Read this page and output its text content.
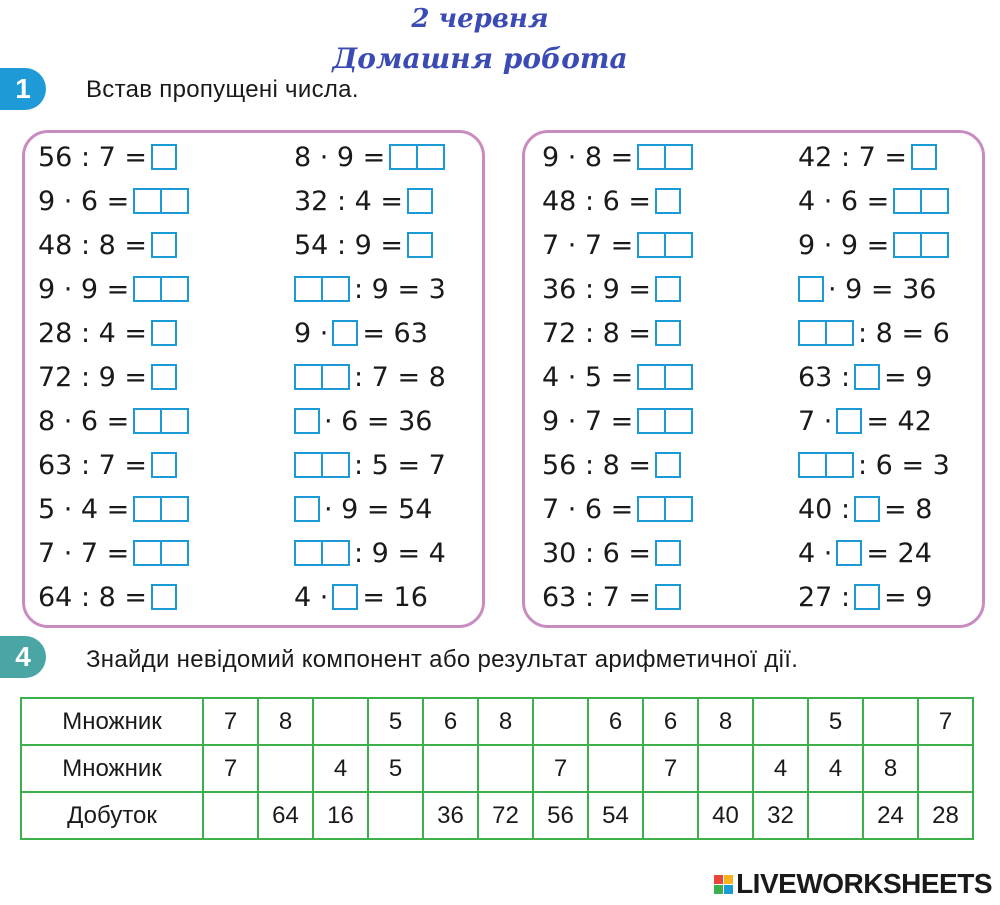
2 червня
Домашня робота
1	Встав пропущені числа.
56 : 7 =
9 · 6 =
48 : 8 =
9 · 9 =
28 : 4 =
72 : 9 =
8 · 6 =
63 : 7 =
5 · 4 =
7 · 7 =
64 : 8 =
8 · 9 =
32 : 4 =
54 : 9 =
: 9 = 3
9 · = 63
: 7 = 8
· 6 = 36
: 5 = 7
· 9 = 54
: 9 = 4
4 · = 16
9 · 8 =
48 : 6 =
7 · 7 =
36 : 9 =
72 : 8 =
4 · 5 =
9 · 7 =
56 : 8 =
7 · 6 =
30 : 6 =
63 : 7 =
42 : 7 =
4 · 6 =
9 · 9 =
· 9 = 36
: 8 = 6
63 : = 9
7 · = 42
: 6 = 3
40 : = 8
4 · = 24
27 : = 9
4	Знайди невідомий компонент або результат арифметичної дії.
Множник	7	8		5	6	8		6	6	8		5		7
Множник	7		4	5			7		7		4	4	8	
Добуток		64	16		36	72	56	54		40	32		24	28
LIVEWORKSHEETS
